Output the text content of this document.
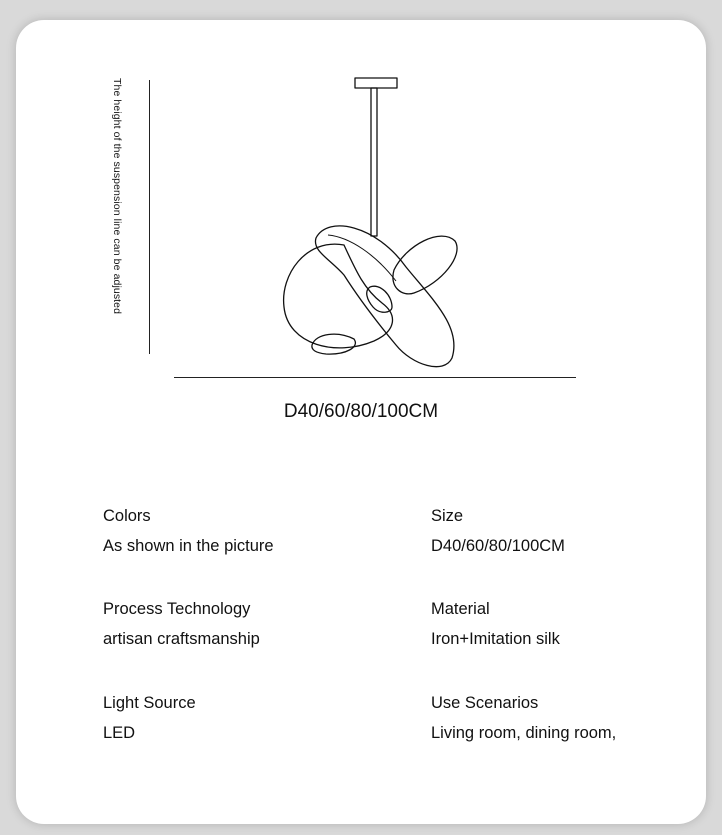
The height of the suspension line can be adjusted
D40/60/80/100CM
Colors
As shown in the picture
Size
D40/60/80/100CM
Process Technology
artisan craftsmanship
Material
Iron+Imitation silk
Light Source
LED
Use Scenarios
Living room, dining room,
